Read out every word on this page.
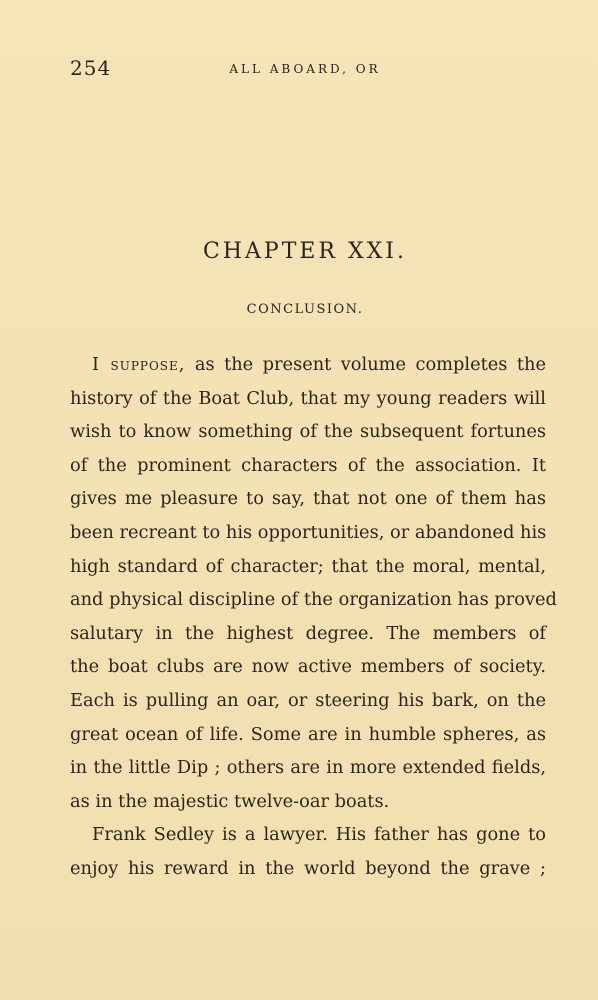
254	ALL ABOARD, OR
CHAPTER XXI.
CONCLUSION.

I suppose, as the present volume completes the
history of the Boat Club, that my young readers will
wish to know something of the subsequent fortunes
of the prominent characters of the association. It
gives me pleasure to say, that not one of them has
been recreant to his opportunities, or abandoned his
high standard of character; that the moral, mental,
and physical discipline of the organization has proved
salutary in the highest degree. The members of
the boat clubs are now active members of society.
Each is pulling an oar, or steering his bark, on the
great ocean of life. Some are in humble spheres, as
in the little Dip ; others are in more extended fields,
as in the majestic twelve-oar boats.

Frank Sedley is a lawyer. His father has gone to
enjoy his reward in the world beyond the grave ;
